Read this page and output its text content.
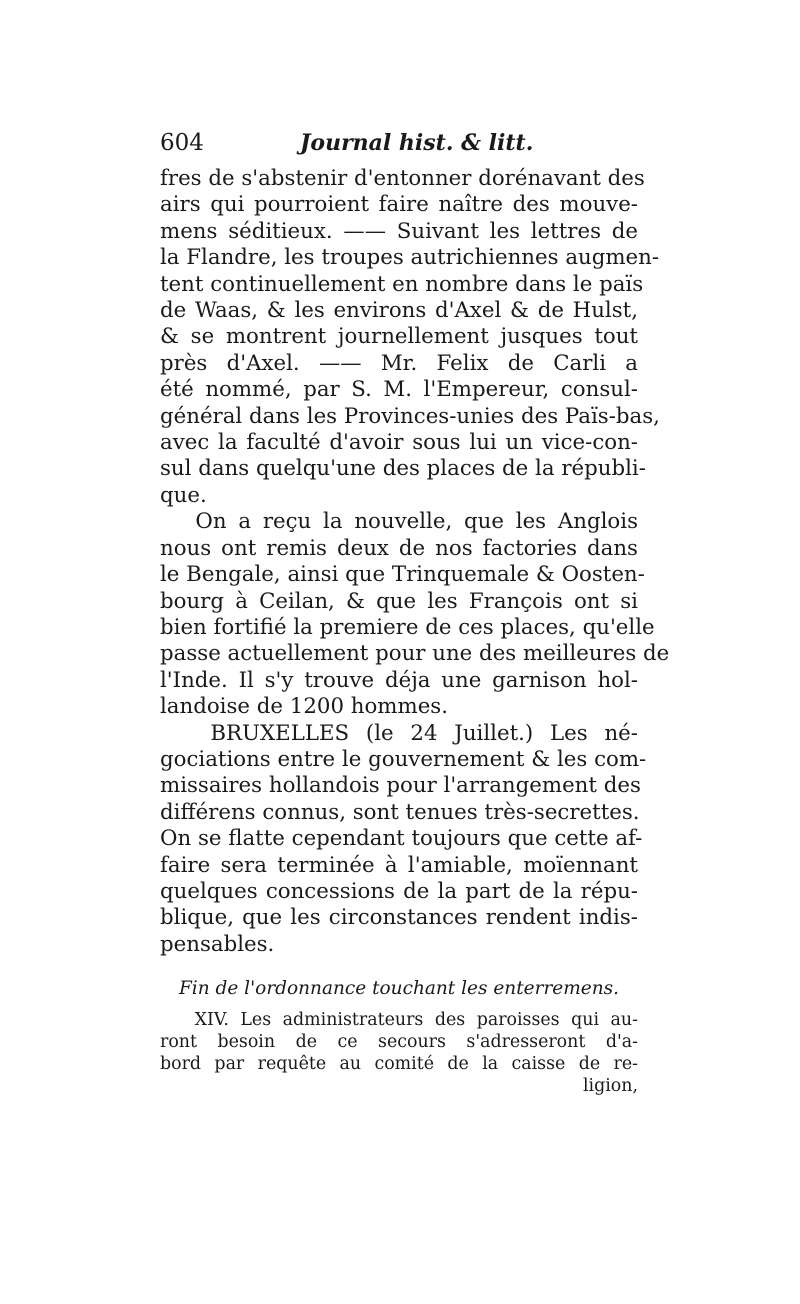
604	Journal hist. & litt.
fres de s'abstenir d'entonner dorénavant des
airs qui pourroient faire naître des mouve-
mens séditieux. —— Suivant les lettres de
la Flandre, les troupes autrichiennes augmen-
tent continuellement en nombre dans le païs
de Waas, & les environs d'Axel & de Hulst,
& se montrent journellement jusques tout
près d'Axel. —— Mr. Felix de Carli a
été nommé, par S. M. l'Empereur, consul-
général dans les Provinces-unies des Païs-bas,
avec la faculté d'avoir sous lui un vice-con-
sul dans quelqu'une des places de la républi-
que.
On a reçu la nouvelle, que les Anglois
nous ont remis deux de nos factories dans
le Bengale, ainsi que Trinquemale & Oosten-
bourg à Ceilan, & que les François ont si
bien fortifié la premiere de ces places, qu'elle
passe actuellement pour une des meilleures de
l'Inde. Il s'y trouve déja une garnison hol-
landoise de 1200 hommes.
BRUXELLES (le 24 Juillet.) Les né-
gociations entre le gouvernement & les com-
missaires hollandois pour l'arrangement des
différens connus, sont tenues très-secrettes.
On se flatte cependant toujours que cette af-
faire sera terminée à l'amiable, moïennant
quelques concessions de la part de la répu-
blique, que les circonstances rendent indis-
pensables.
Fin de l'ordonnance touchant les enterremens.
XIV. Les administrateurs des paroisses qui au-
ront besoin de ce secours s'adresseront d'a-
bord par requête au comité de la caisse de re-
ligion,
